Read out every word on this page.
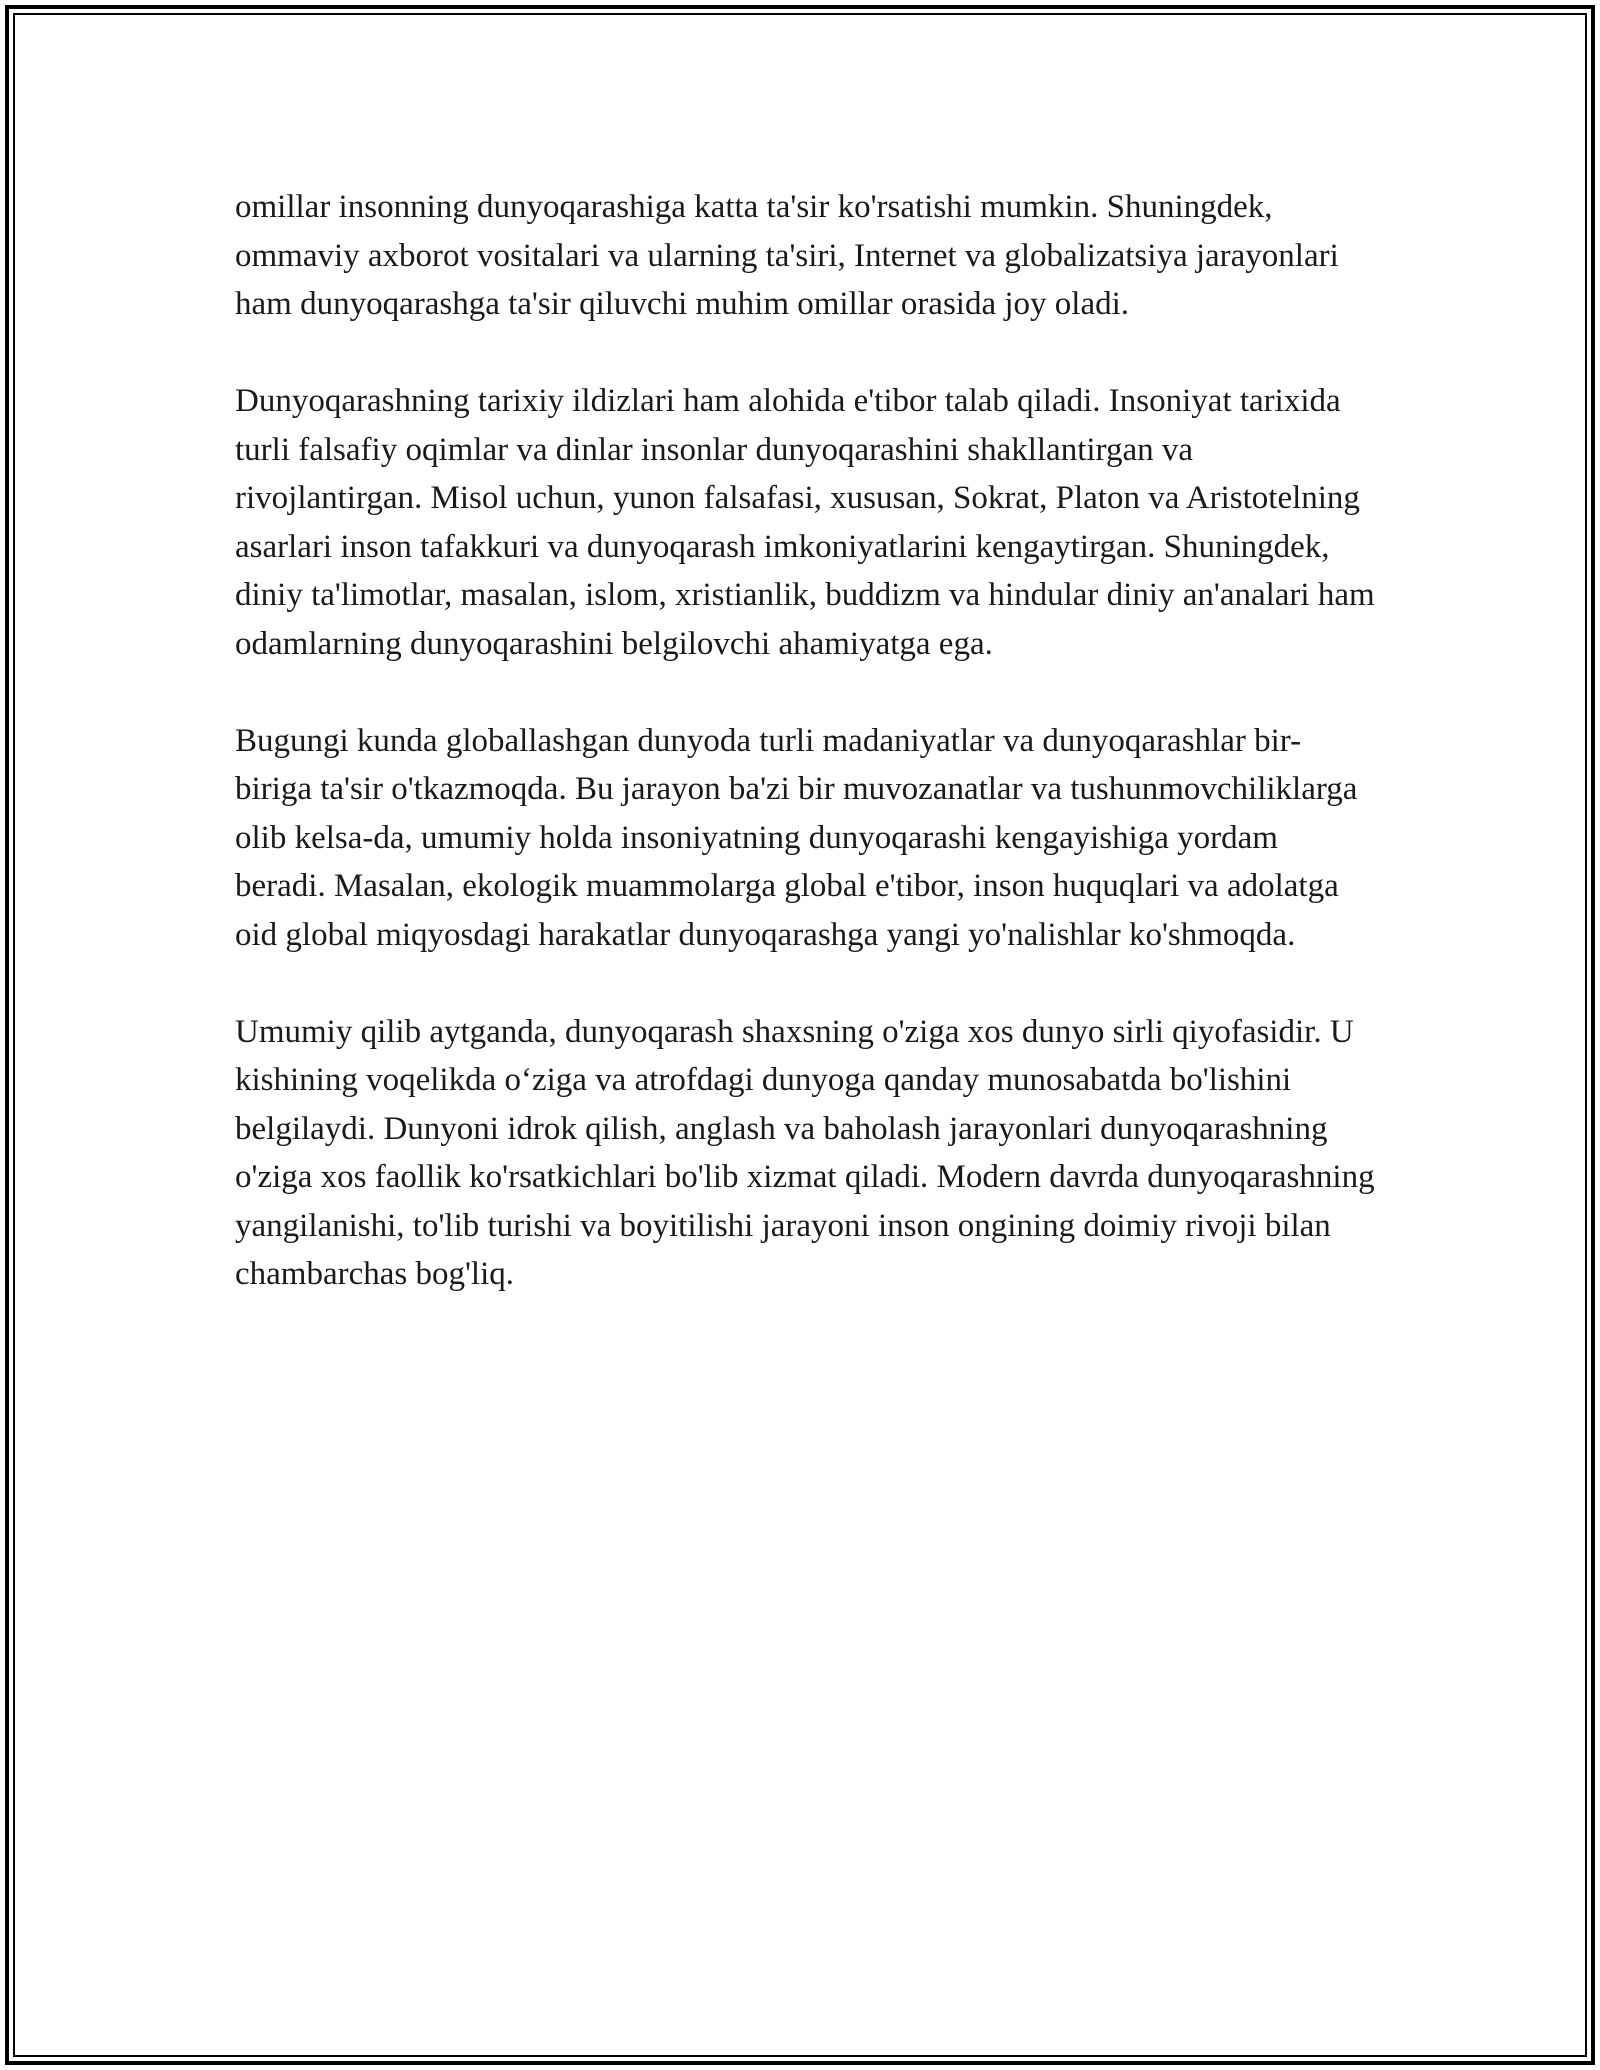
omillar insonning dunyoqarashiga katta ta'sir ko'rsatishi mumkin. Shuningdek, ommaviy axborot vositalari va ularning ta'siri, Internet va globalizatsiya jarayonlari ham dunyoqarashga ta'sir qiluvchi muhim omillar orasida joy oladi.

Dunyoqarashning tarixiy ildizlari ham alohida e'tibor talab qiladi. Insoniyat tarixida turli falsafiy oqimlar va dinlar insonlar dunyoqarashini shakllantirgan va rivojlantirgan. Misol uchun, yunon falsafasi, xususan, Sokrat, Platon va Aristotelning asarlari inson tafakkuri va dunyoqarash imkoniyatlarini kengaytirgan. Shuningdek, diniy ta'limotlar, masalan, islom, xristianlik, buddizm va hindular diniy an'analari ham odamlarning dunyoqarashini belgilovchi ahamiyatga ega.

Bugungi kunda globallashgan dunyoda turli madaniyatlar va dunyoqarashlar bir-biriga ta'sir o'tkazmoqda. Bu jarayon ba'zi bir muvozanatlar va tushunmovchiliklarga olib kelsa-da, umumiy holda insoniyatning dunyoqarashi kengayishiga yordam beradi. Masalan, ekologik muammolarga global e'tibor, inson huquqlari va adolatga oid global miqyosdagi harakatlar dunyoqarashga yangi yo'nalishlar ko'shmoqda.

Umumiy qilib aytganda, dunyoqarash shaxsning o'ziga xos dunyo sirli qiyofasidir. U kishining voqelikda o‘ziga va atrofdagi dunyoga qanday munosabatda bo'lishini belgilaydi. Dunyoni idrok qilish, anglash va baholash jarayonlari dunyoqarashning o'ziga xos faollik ko'rsatkichlari bo'lib xizmat qiladi. Modern davrda dunyoqarashning yangilanishi, to'lib turishi va boyitilishi jarayoni inson ongining doimiy rivoji bilan chambarchas bog'liq.
